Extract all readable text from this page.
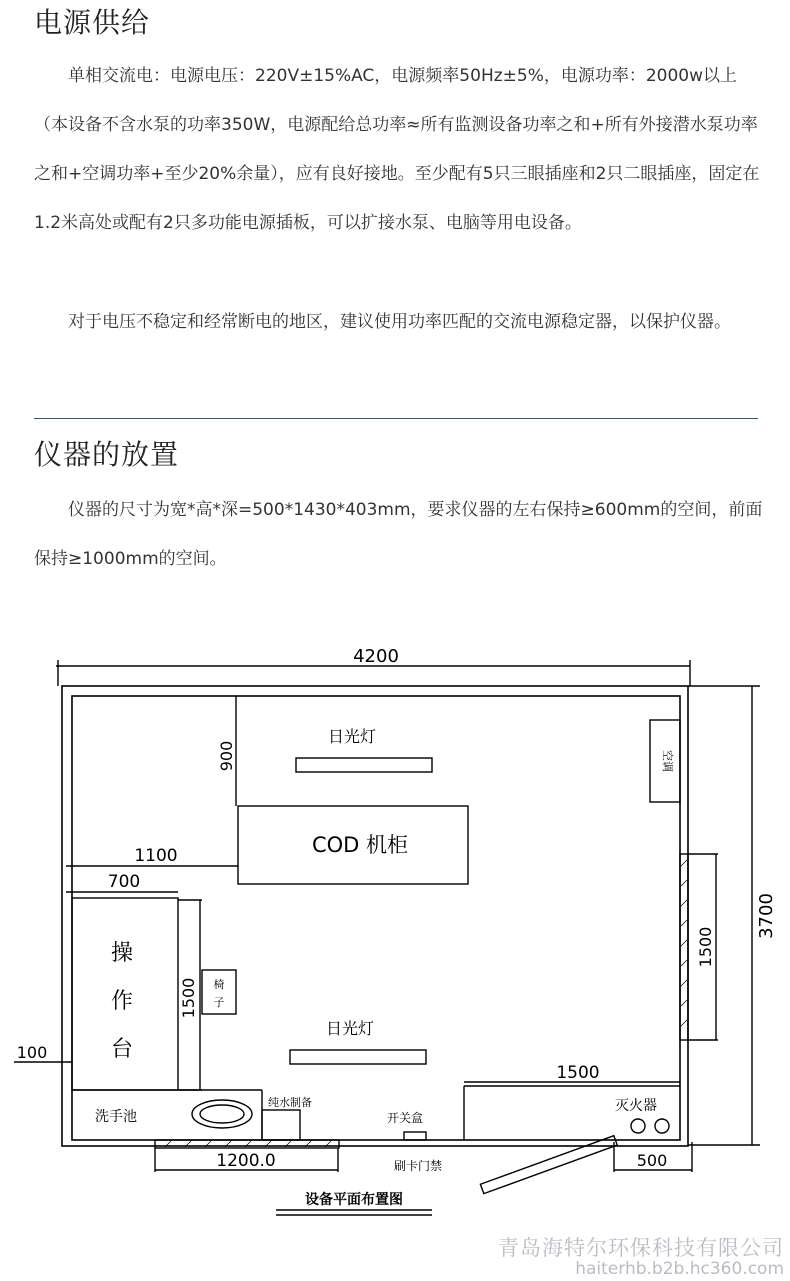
电源供给

单相交流电：电源电压：220V±15%AC，电源频率50Hz±5%，电源功率：2000w以上（本设备不含水泵的功率350W，电源配给总功率≈所有监测设备功率之和+所有外接潜水泵功率之和+空调功率+至少20%余量），应有良好接地。至少配有5只三眼插座和2只二眼插座，固定在1.2米高处或配有2只多功能电源插板，可以扩接水泵、电脑等用电设备。

对于电压不稳定和经常断电的地区，建议使用功率匹配的交流电源稳定器，以保护仪器。

仪器的放置

仪器的尺寸为宽*高*深=500*1430*403mm，要求仪器的左右保持≥600mm的空间，前面保持≥1000mm的空间。

4200
3700
900
1100
700
1500
100
1500
1500
500
1200.0
日光灯
日光灯
COD 机柜
操
作
台
椅
子
空调
洗手池
纯水制备
开关盒
刷卡门禁
灭火器
设备平面布置图
青岛海特尔环保科技有限公司
haiterhb.b2b.hc360.com
